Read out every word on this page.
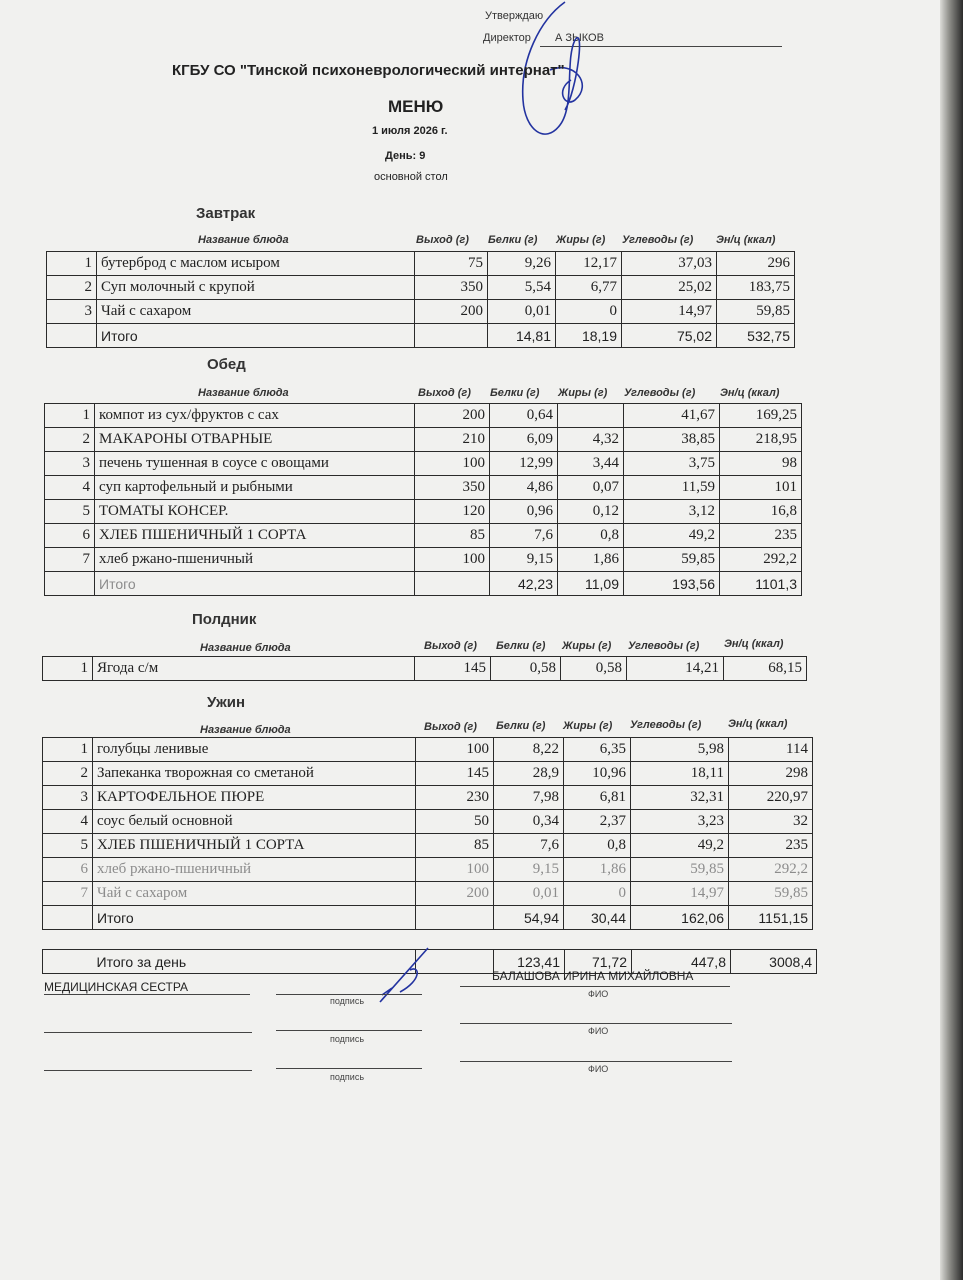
Утверждаю
Директор А ЗЫКОВ
КГБУ СО "Тинской психоневрологический интернат"
МЕНЮ
1 июля 2026 г.
День: 9
основной стол
Завтрак
Название блюда	Выход (г) Белки (г) Жиры (г) Углеводы (г) Эн/ц (ккал)
1	бутерброд с маслом исыром	75	9,26	12,17	37,03	296
2	Суп молочный с крупой	350	5,54	6,77	25,02	183,75
3	Чай с сахаром	200	0,01	0	14,97	59,85
	Итого		14,81	18,19	75,02	532,75
Обед
Название блюда	Выход (г) Белки (г) Жиры (г) Углеводы (г) Эн/ц (ккал)
1	компот из сух/фруктов с сах	200	0,64		41,67	169,25
2	МАКАРОНЫ ОТВАРНЫЕ	210	6,09	4,32	38,85	218,95
3	печень тушенная в соусе с овощами	100	12,99	3,44	3,75	98
4	суп картофельный и рыбными	350	4,86	0,07	11,59	101
5	ТОМАТЫ КОНСЕР.	120	0,96	0,12	3,12	16,8
6	ХЛЕБ ПШЕНИЧНЫЙ 1 СОРТА	85	7,6	0,8	49,2	235
7	хлеб ржано-пшеничный	100	9,15	1,86	59,85	292,2
	Итого		42,23	11,09	193,56	1101,3
Полдник
Название блюда	Выход (г) Белки (г) Жиры (г) Углеводы (г) Эн/ц (ккал)
1	Ягода с/м	145	0,58	0,58	14,21	68,15
Ужин
Название блюда	Выход (г) Белки (г) Жиры (г) Углеводы (г) Эн/ц (ккал)
1	голубцы ленивые	100	8,22	6,35	5,98	114
2	Запеканка творожная со сметаной	145	28,9	10,96	18,11	298
3	КАРТОФЕЛЬНОЕ ПЮРЕ	230	7,98	6,81	32,31	220,97
4	соус белый основной	50	0,34	2,37	3,23	32
5	ХЛЕБ ПШЕНИЧНЫЙ 1 СОРТА	85	7,6	0,8	49,2	235
6	хлеб ржано-пшеничный	100	9,15	1,86	59,85	292,2
7	Чай с сахаром	200	0,01	0	14,97	59,85
	Итого		54,94	30,44	162,06	1151,15
	Итого за день		123,41	71,72	447,8	3008,4
МЕДИЦИНСКАЯ СЕСТРА
подпись
БАЛАШОВА ИРИНА МИХАЙЛОВНА
ФИО
подпись
ФИО
подпись
ФИО
